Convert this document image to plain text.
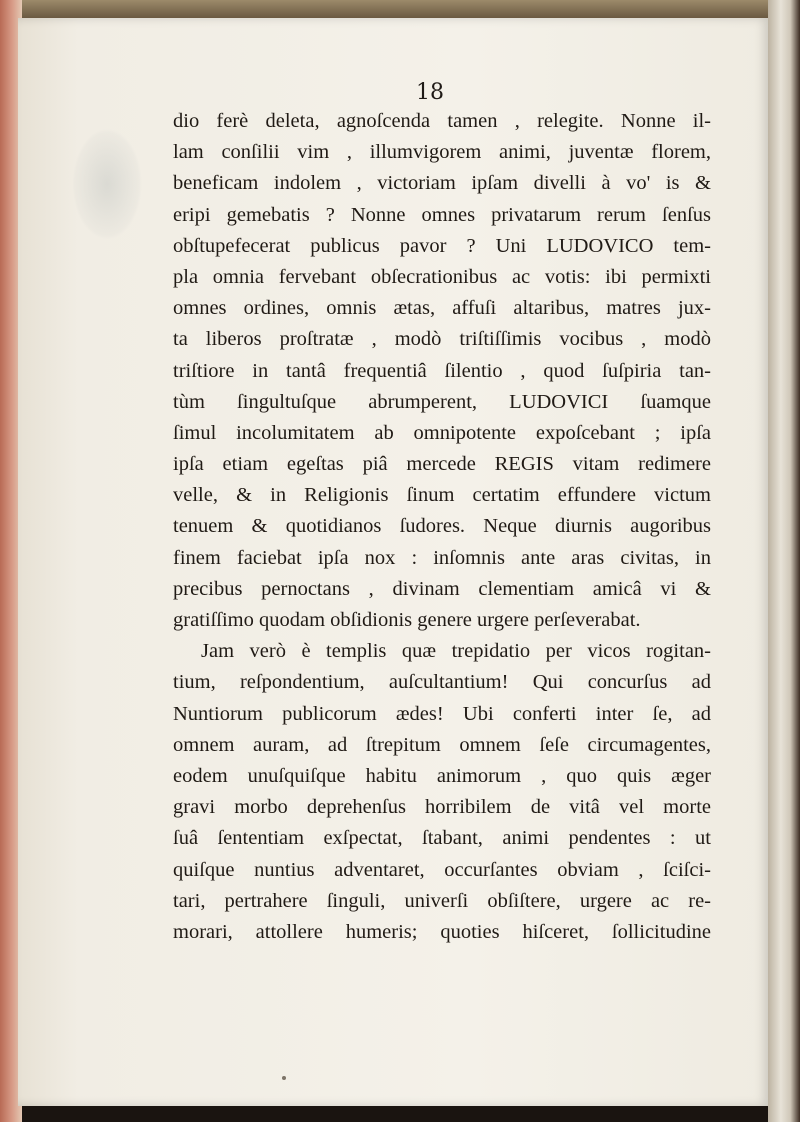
18
dio ferè deleta, agnoſcenda tamen , relegite. Nonne il-
lam conſilii vim , illumvigorem animi, juventæ florem,
beneficam indolem , victoriam ipſam divelli à vo' is &
eripi gemebatis ? Nonne omnes privatarum rerum ſenſus
obſtupefecerat publicus pavor ? Uni LUDOVICO tem-
pla omnia fervebant obſecrationibus ac votis: ibi permixti
omnes ordines, omnis ætas, affuſi altaribus, matres jux-
ta liberos proſtratæ , modò triſtiſſimis vocibus , modò
triſtiore in tantâ frequentiâ ſilentio , quod ſuſpiria tan-
tùm ſingultuſque abrumperent, LUDOVICI ſuamque
ſimul incolumitatem ab omnipotente expoſcebant ; ipſa
ipſa etiam egeſtas piâ mercede REGIS vitam redimere
velle, & in Religionis ſinum certatim effundere victum
tenuem & quotidianos ſudores. Neque diurnis augoribus
finem faciebat ipſa nox : inſomnis ante aras civitas, in
precibus pernoctans , divinam clementiam amicâ vi &
gratiſſimo quodam obſidionis genere urgere perſeverabat.
Jam verò è templis quæ trepidatio per vicos rogitan-
tium, reſpondentium, auſcultantium! Qui concurſus ad
Nuntiorum publicorum ædes! Ubi conferti inter ſe, ad
omnem auram, ad ſtrepitum omnem ſeſe circumagentes,
eodem unuſquiſque habitu animorum , quo quis æger
gravi morbo deprehenſus horribilem de vitâ vel morte
ſuâ ſententiam exſpectat, ſtabant, animi pendentes : ut
quiſque nuntius adventaret, occurſantes obviam , ſciſci-
tari, pertrahere ſinguli, univerſi obſiſtere, urgere ac re-
morari, attollere humeris; quoties hiſceret, ſollicitudine
